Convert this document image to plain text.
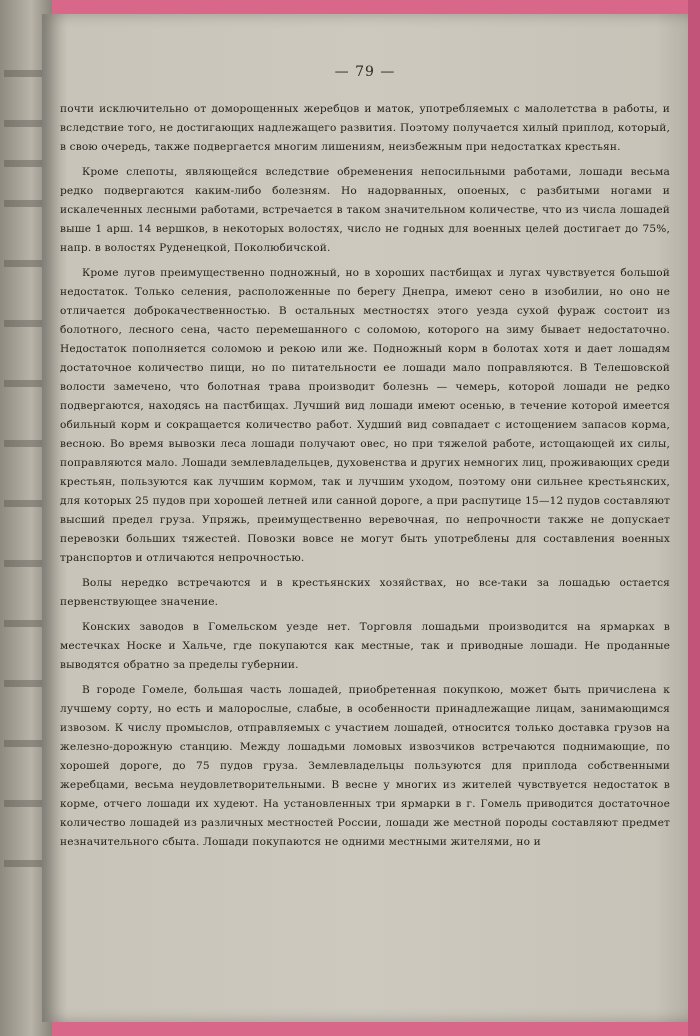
— 79 —

почти исключительно от доморощенных жеребцов и маток, употребляемых с малолетства в работы, и вследствие того, не достигающих надлежащего развития. Поэтому получается хилый приплод, который, в свою очередь, также подвергается многим лишениям, неизбежным при недостатках крестьян.

Кроме слепоты, являющейся вследствие обременения непосильными работами, лошади весьма редко подвергаются каким-либо болезням. Но надорванных, опоеных, с разбитыми ногами и искалеченных лесными работами, встречается в таком значительном количестве, что из числа лошадей выше 1 арш. 14 вершков, в некоторых волостях, число не годных для военных целей достигает до 75%, напр. в волостях Руденецкой, Поколюбичской.

Кроме лугов преимущественно подножный, но в хороших пастбищах и лугах чувствуется большой недостаток. Только селения, расположенные по берегу Днепра, имеют сено в изобилии, но оно не отличается доброкачественностью. В остальных местностях этого уезда сухой фураж состоит из болотного, лесного сена, часто перемешанного с соломою, которого на зиму бывает недостаточно. Недостаток пополняется соломою и рекою или же. Подножный корм в болотах хотя и дает лошадям достаточное количество пищи, но по питательности ее лошади мало поправляются. В Телешовской волости замечено, что болотная трава производит болезнь — чемерь, которой лошади не редко подвергаются, находясь на пастбищах. Лучший вид лошади имеют осенью, в течение которой имеется обильный корм и сокращается количество работ. Худший вид совпадает с истощением запасов корма, весною. Во время вывозки леса лошади получают овес, но при тяжелой работе, истощающей их силы, поправляются мало. Лошади землевладельцев, духовенства и других немногих лиц, проживающих среди крестьян, пользуются как лучшим кормом, так и лучшим уходом, поэтому они сильнее крестьянских, для которых 25 пудов при хорошей летней или санной дороге, а при распутице 15—12 пудов составляют высший предел груза. Упряжь, преимущественно веревочная, по непрочности также не допускает перевозки больших тяжестей. Повозки вовсе не могут быть употреблены для составления военных транспортов и отличаются непрочностью.

Волы нередко встречаются и в крестьянских хозяйствах, но все-таки за лошадью остается первенствующее значение.

Конских заводов в Гомельском уезде нет. Торговля лошадьми производится на ярмарках в местечках Носке и Хальче, где покупаются как местные, так и приводные лошади. Не проданные выводятся обратно за пределы губернии.

В городе Гомеле, большая часть лошадей, приобретенная покупкою, может быть причислена к лучшему сорту, но есть и малорослые, слабые, в особенности принадлежащие лицам, занимающимся извозом. К числу промыслов, отправляемых с участием лошадей, относится только доставка грузов на железно-дорожную станцию. Между лошадьми ломовых извозчиков встречаются поднимающие, по хорошей дороге, до 75 пудов груза. Землевладельцы пользуются для приплода собственными жеребцами, весьма неудовлетворительными. В весне у многих из жителей чувствуется недостаток в корме, отчего лошади их худеют. На установленных три ярмарки в г. Гомель приводится достаточное количество лошадей из различных местностей России, лошади же местной породы составляют предмет незначительного сбыта. Лошади покупаются не одними местными жителями, но и
